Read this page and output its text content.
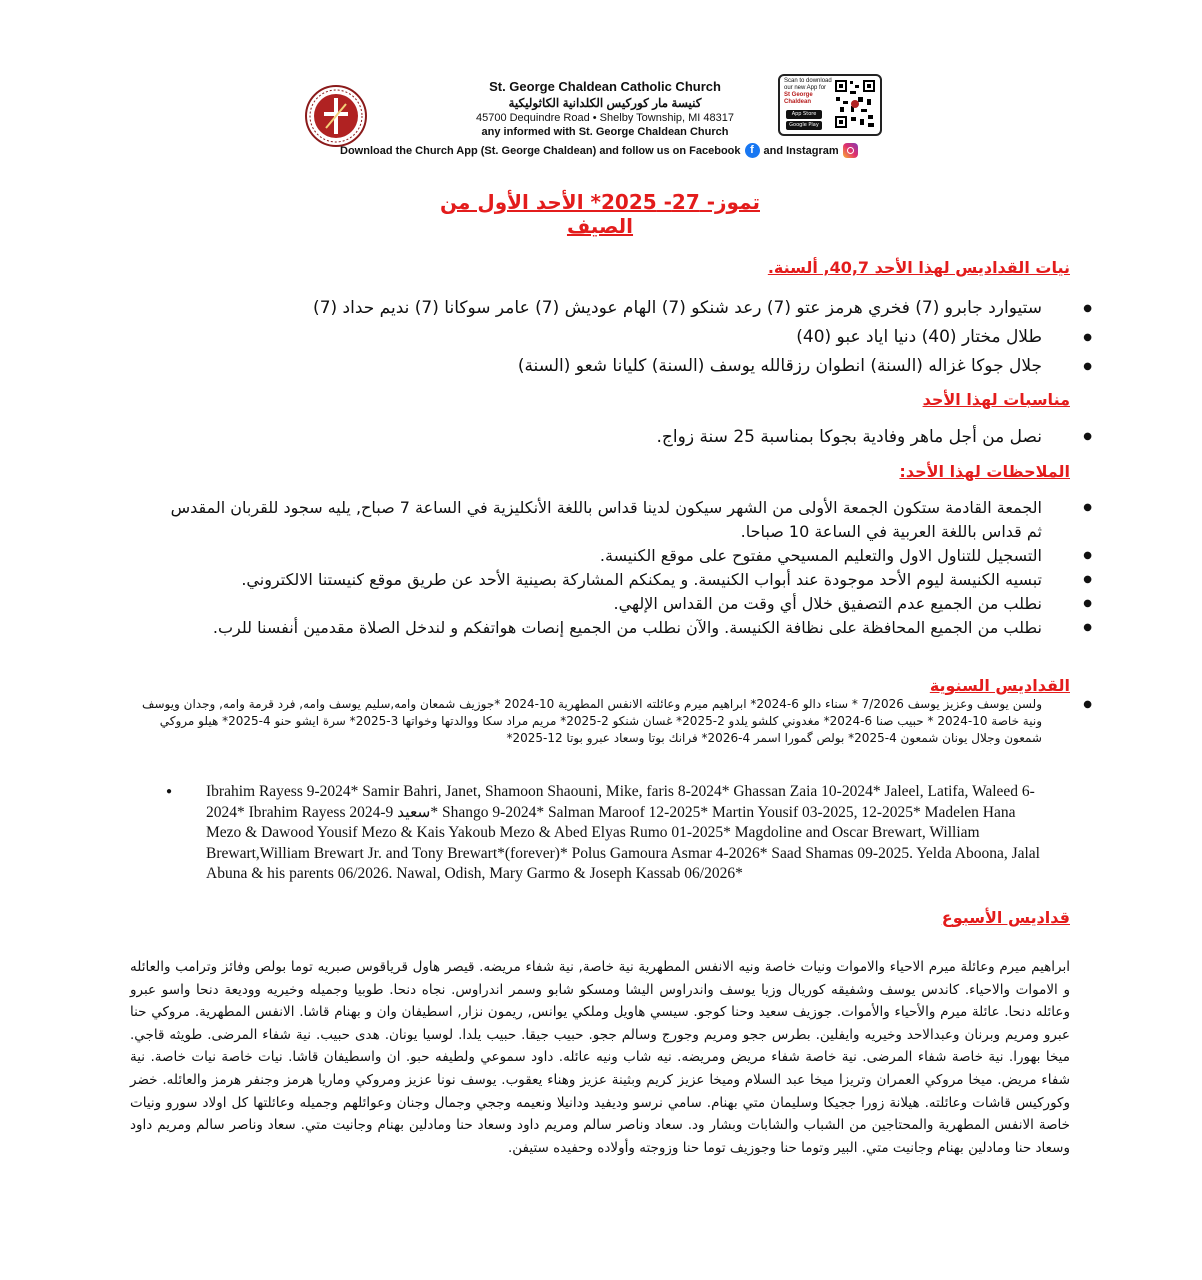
St. George Chaldean Catholic Church
كنيسة مار كوركيس الكلدانية الكاثوليكية
45700 Dequindre Road • Shelby Township, MI 48317
any informed with St. George Chaldean Church
Scan to download our new App for St George Chaldean
App Store
Google Play
Download the Church App (St. George Chaldean) and follow us on Facebook f and Instagram
تموز- 27- 2025* الأحد الأول من الصيف
نيات القداديس لهذا الأحد 40,7, ألسنة.
● ستيوارد جابرو (7) فخري هرمز عتو (7) رعد شنكو (7) الهام عوديش (7) عامر سوكانا (7) نديم حداد (7)
● طلال مختار (40) دنيا اياد عبو (40)
● جلال جوكا غزاله (السنة) انطوان رزقالله يوسف (السنة) كليانا شعو (السنة)
مناسبات لهذا الأحد
● نصل من أجل ماهر وفادية بجوكا بمناسبة 25 سنة زواج.
الملاحظات لهذا الأحد:
● الجمعة القادمة ستكون الجمعة الأولى من الشهر سيكون لدينا قداس باللغة الأنكليزية في الساعة 7 صباح, يليه سجود للقربان المقدس ثم قداس باللغة العربية في الساعة 10 صباحا.
● التسجيل للتناول الاول والتعليم المسيحي مفتوح على موقع الكنيسة.
● تبسيه الكنيسة ليوم الأحد موجودة عند أبواب الكنيسة. و يمكنكم المشاركة بصينية الأحد عن طريق موقع كنيستنا الالكتروني.
● نطلب من الجميع عدم التصفيق خلال أي وقت من القداس الإلهي.
● نطلب من الجميع المحافظة على نظافة الكنيسة. والآن نطلب من الجميع إنصات هواتفكم و لندخل الصلاة مقدمين أنفسنا للرب.
القداديس السنوية
● ولسن يوسف وعزيز يوسف 7/2026 * سناء دالو 6-2024* ابراهيم ميرم وعائلته الانفس المطهرية 10-2024 *جوزيف شمعان وامه,سليم يوسف وامه, فرد قرمة وامه, وجدان ويوسف ونية خاصة 10-2024 * حبيب صنا 6-2024* مغدوني كلشو يلدو 2-2025* غسان شنكو 2-2025* مريم مراد سكا ووالدتها وخواتها 3-2025* سرة ايشو حنو 4-2025* هيلو مروكي شمعون وجلال يونان شمعون 4-2025* بولص گمورا اسمر 4-2026* فرانك بوتا وسعاد عبرو بوتا 12-2025*
● Ibrahim Rayess 9-2024* Samir Bahri, Janet, Shamoon Shaouni, Mike, faris 8-2024* Ghassan Zaia 10-2024* Jaleel, Latifa, Waleed 6-2024* Ibrahim Rayess 2024-9 سعيد* Shango 9-2024* Salman Maroof 12-2025* Martin Yousif 03-2025, 12-2025* Madelen Hana Mezo & Dawood Yousif Mezo & Kais Yakoub Mezo & Abed Elyas Rumo 01-2025* Magdoline and Oscar Brewart, William Brewart,William Brewart Jr. and Tony Brewart*(forever)* Polus Gamoura Asmar 4-2026* Saad Shamas 09-2025. Yelda Aboona, Jalal Abuna & his parents 06/2026. Nawal, Odish, Mary Garmo & Joseph Kassab 06/2026*
قداديس الأسبوع
ابراهيم ميرم وعائلة ميرم الاحياء والاموات ونيات خاصة ونيه الانفس المطهرية نية خاصة, نية شفاء مريضه. قيصر هاول قرياقوس صبريه توما بولص وفائز وترامب والعائله و الاموات والاحياء. كاندس يوسف وشفيقه كوريال وزيا يوسف واندراوس اليشا ومسكو شابو وسمر اندراوس. نجاه دنحا. طوبيا وجميله وخيريه ووديعة دنحا واسو عبرو وعائله دنحا. عائلة ميرم والأحياء والأموات. جوزيف سعيد وحنا كوجو. سيسي هاويل وملكي يوانس, ريمون نزار, اسطيفان وان و بهنام قاشا. الانفس المطهرية. مروكي حنا عبرو ومريم وبرنان وعبدالاحد وخيريه وايفلين. بطرس ججو ومريم وجورج وسالم ججو. حبيب جيقا. حبيب يلدا. لوسيا يونان. هدى حبيب. نية شفاء المرضى. طويثه قاجي. ميخا بهورا. نية خاصة شفاء المرضى. نية خاصة شفاء مريض ومريضه. نيه شاب ونيه عائله. داود سموعي ولطيفه حبو. ان واسطيفان قاشا. نيات خاصة نيات خاصة. نية شفاء مريض. ميخا مروكي العمران وتريزا ميخا عبد السلام وميخا عزيز كريم وبثينة عزيز وهناء يعقوب. يوسف نونا عزيز ومروكي وماريا هرمز وجنفر هرمز والعائله. خضر وكوركيس قاشات وعائلته. هيلانة زورا ججيكا وسليمان متي بهنام. سامي نرسو وديفيد ودانيلا ونعيمه وججي وجمال وجنان وعوائلهم وجميله وعائلتها كل اولاد سورو ونيات خاصة الانفس المطهرية والمحتاجين من الشباب والشابات وبشار ود. سعاد وناصر سالم ومريم داود وسعاد حنا ومادلين بهنام وجانيت متي. سعاد وناصر سالم ومريم داود وسعاد حنا ومادلين بهنام وجانيت متي. البير وتوما حنا وجوزيف توما حنا وزوجته وأولاده وحفيده ستيفن.
